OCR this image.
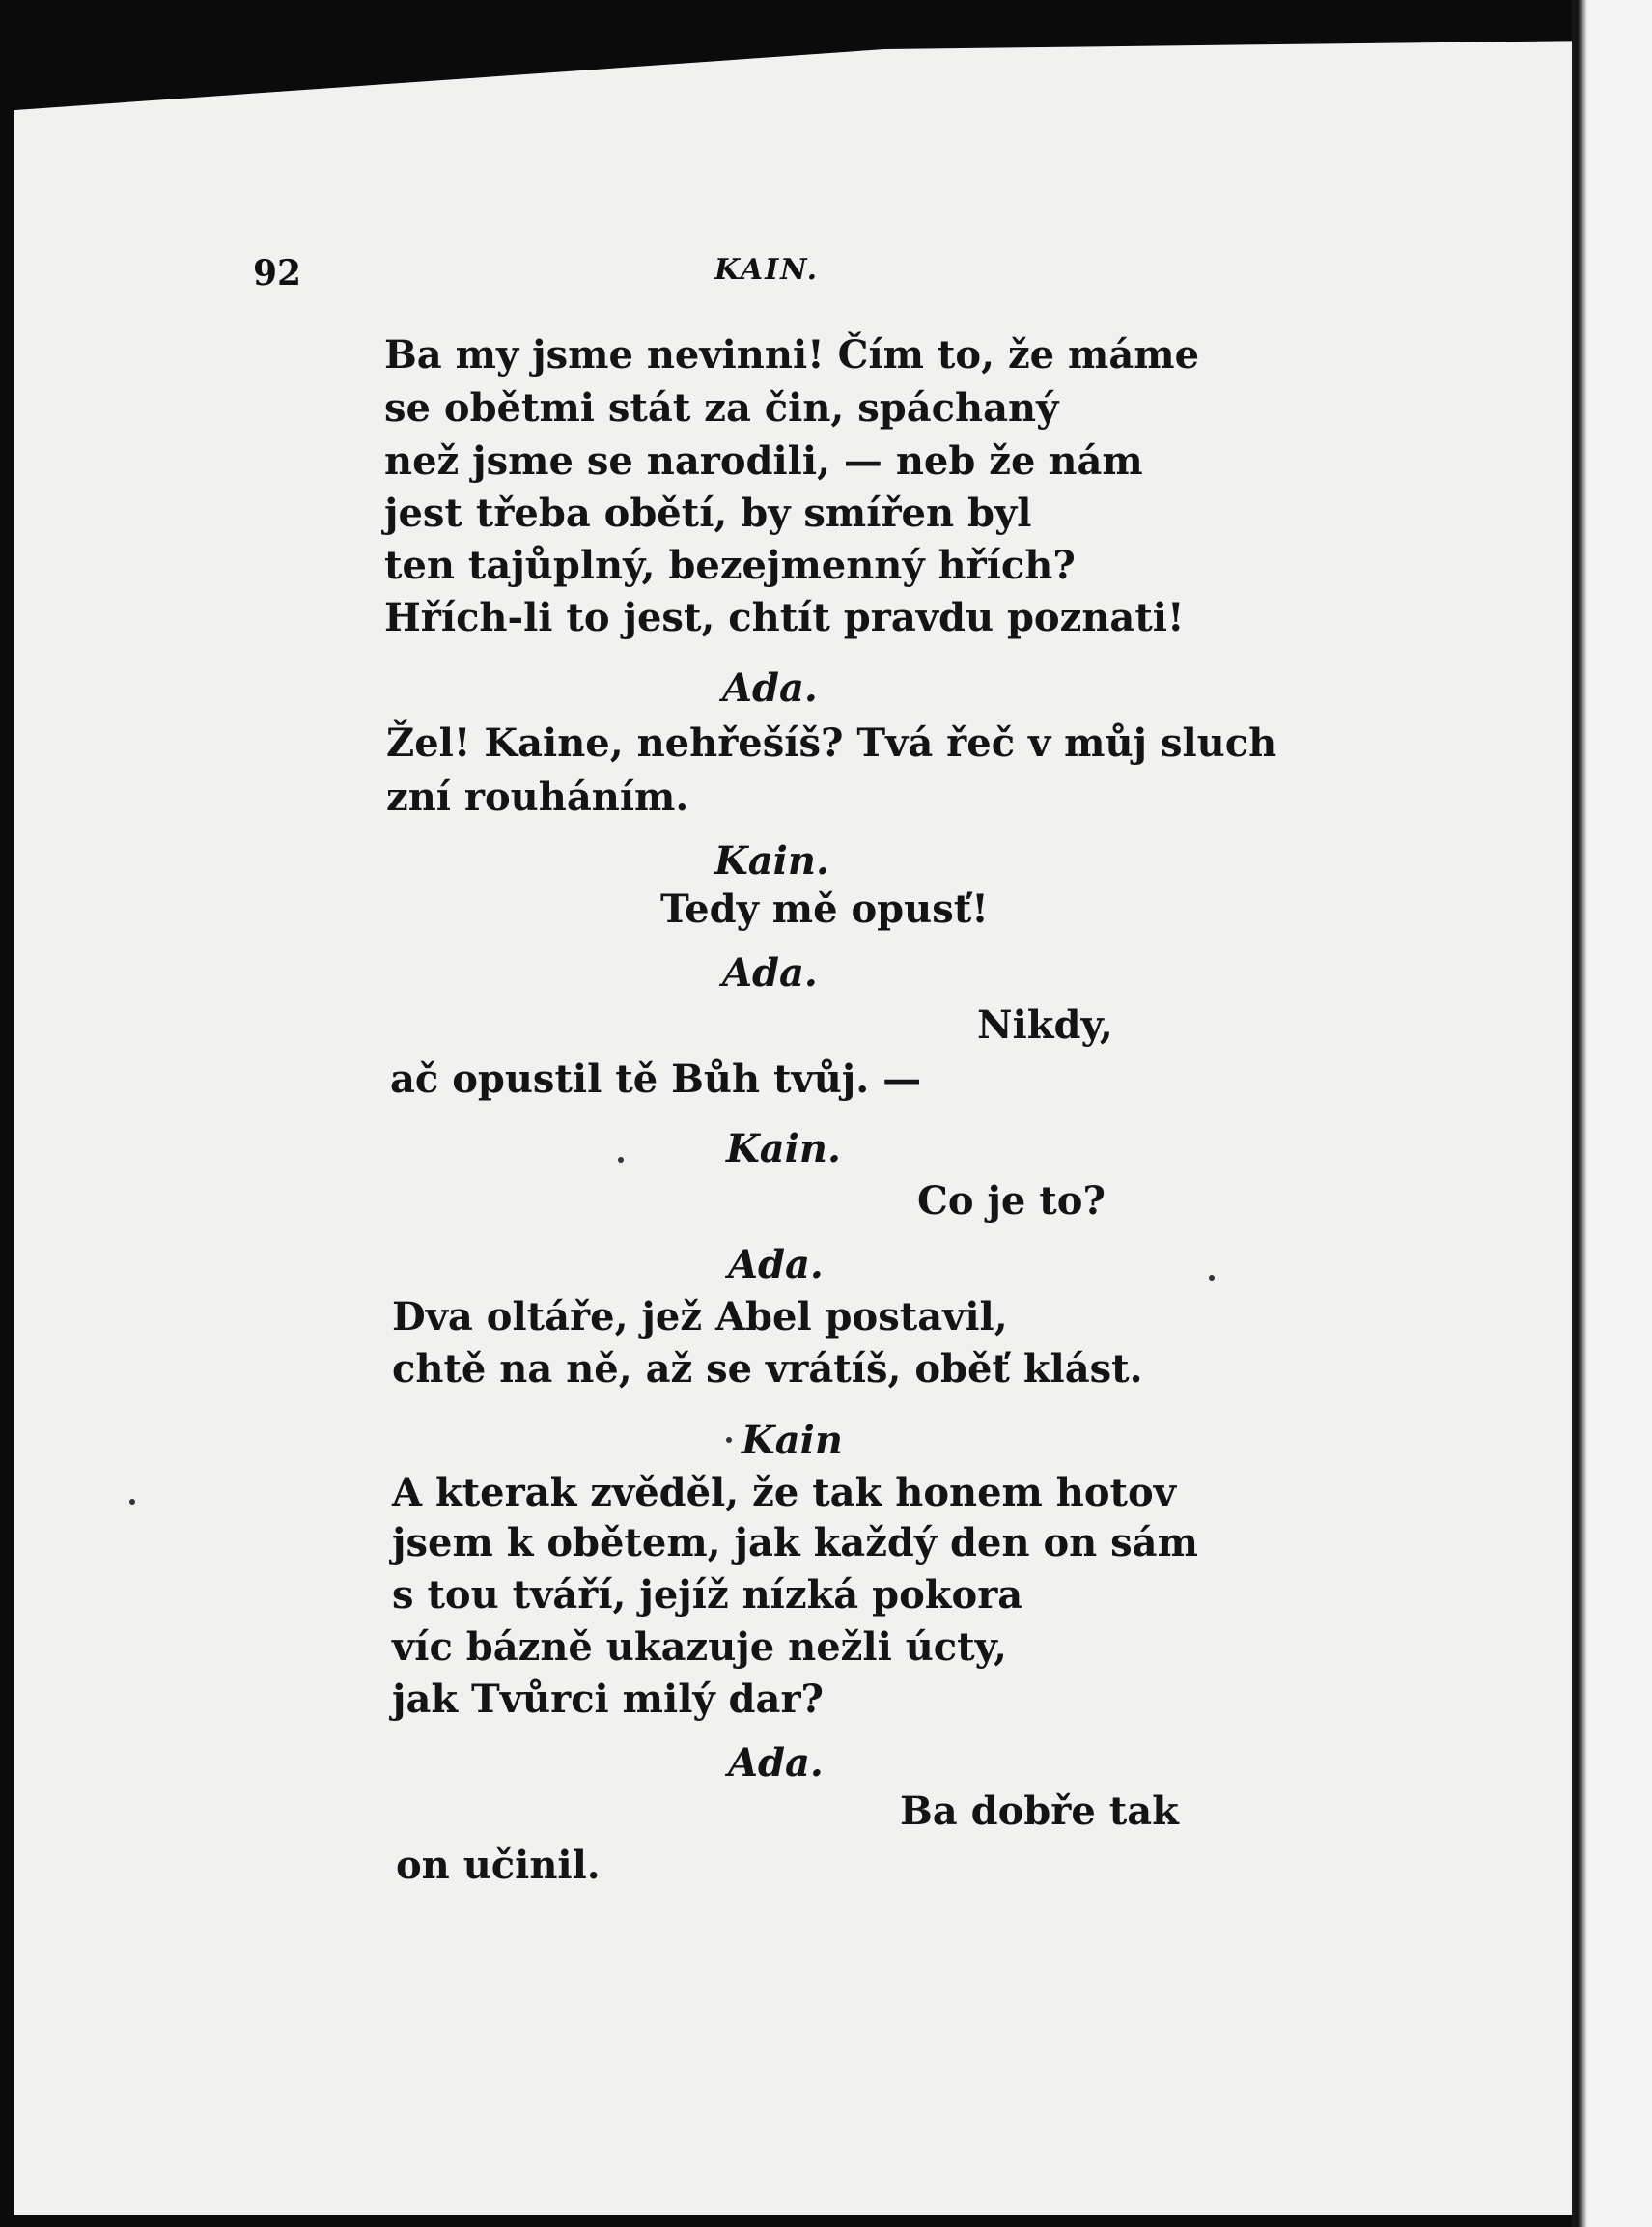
92	KAIN.

Ba my jsme nevinni! Čím to, že máme

se obětmi stát za čin, spáchaný

než jsme se narodili, — neb že nám

jest třeba obětí, by smířen byl

ten tajůplný, bezejmenný hřích?

Hřích-li to jest, chtít pravdu poznati!

Ada.

Žel! Kaine, nehřešíš? Tvá řeč v můj sluch

zní rouháním.

Kain.

Tedy mě opusť!

Ada.

Nikdy,

ač opustil tě Bůh tvůj. —

Kain.

Co je to?

Ada.

Dva oltáře, jež Abel postavil,

chtě na ně, až se vrátíš, oběť klást.

Kain

A kterak zvěděl, že tak honem hotov

jsem k obětem, jak každý den on sám

s tou tváří, jejíž nízká pokora

víc bázně ukazuje nežli úcty,

jak Tvůrci milý dar?

Ada.

Ba dobře tak

on učinil.
